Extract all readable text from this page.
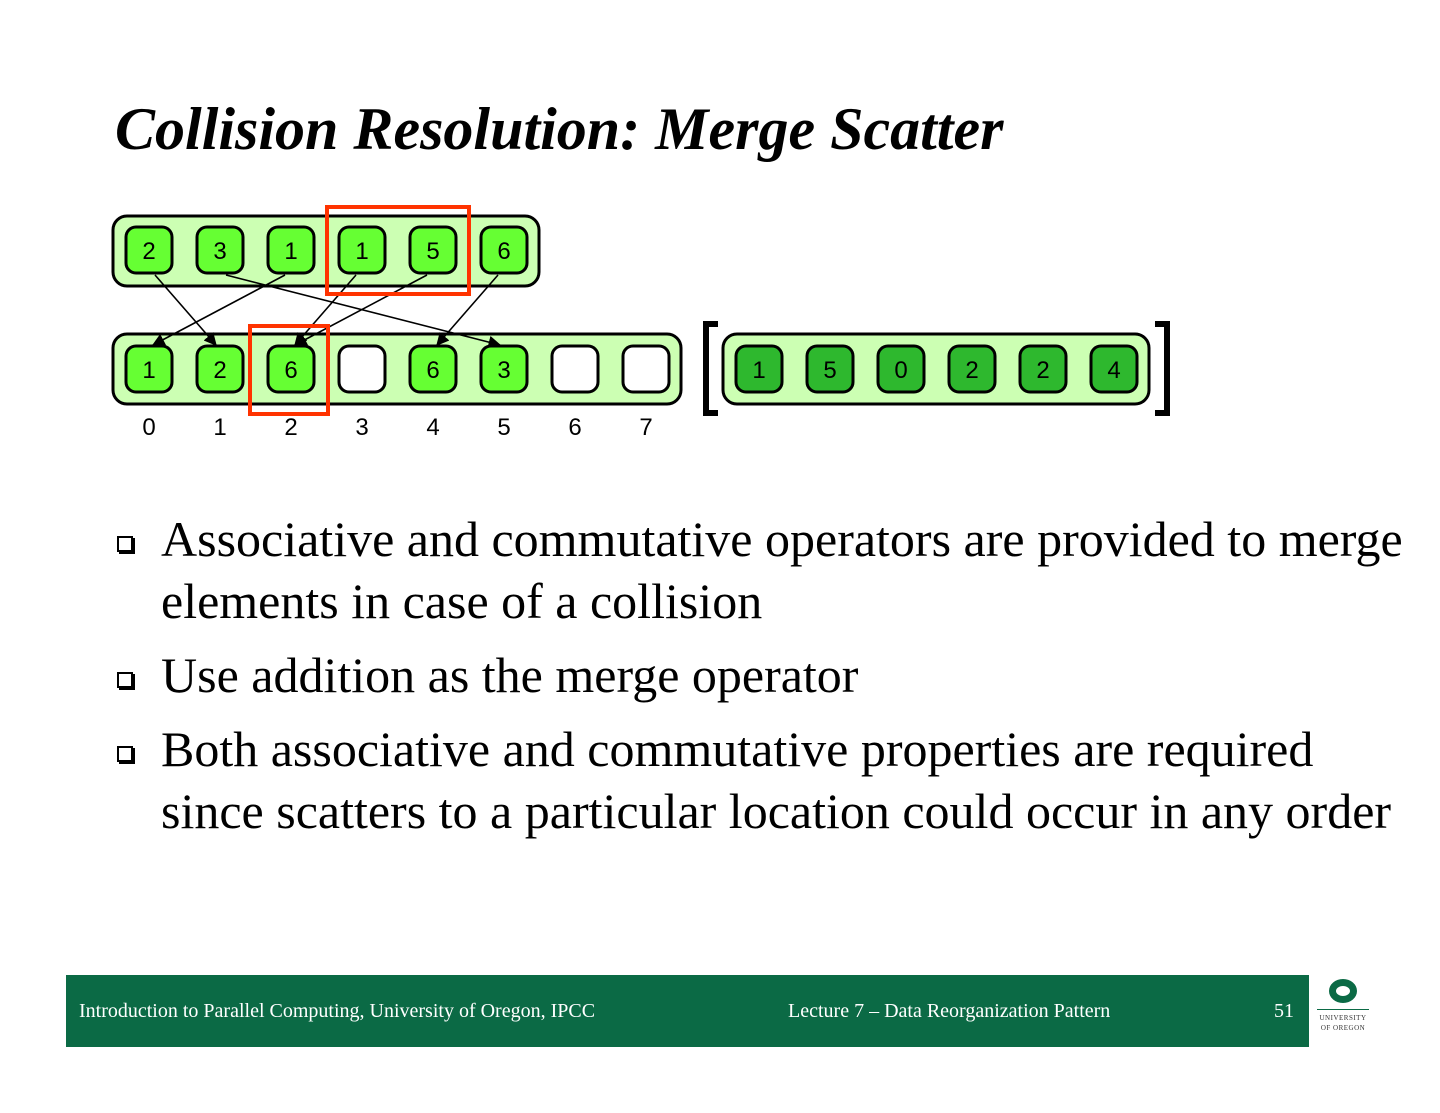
Collision Resolution: Merge Scatter
2 3 1 1 5 6
1 2 6	6 3
0 1 2 3 4 5 6 7
1 5 0 2 2 4
Associative and commutative operators are provided to merge elements in case of a collision
Use addition as the merge operator
Both associative and commutative properties are required since scatters to a particular location could occur in any order
Introduction to Parallel Computing, University of Oregon, IPCC	Lecture 7 – Data Reorganization Pattern	51	UNIVERSITY
OF OREGON
